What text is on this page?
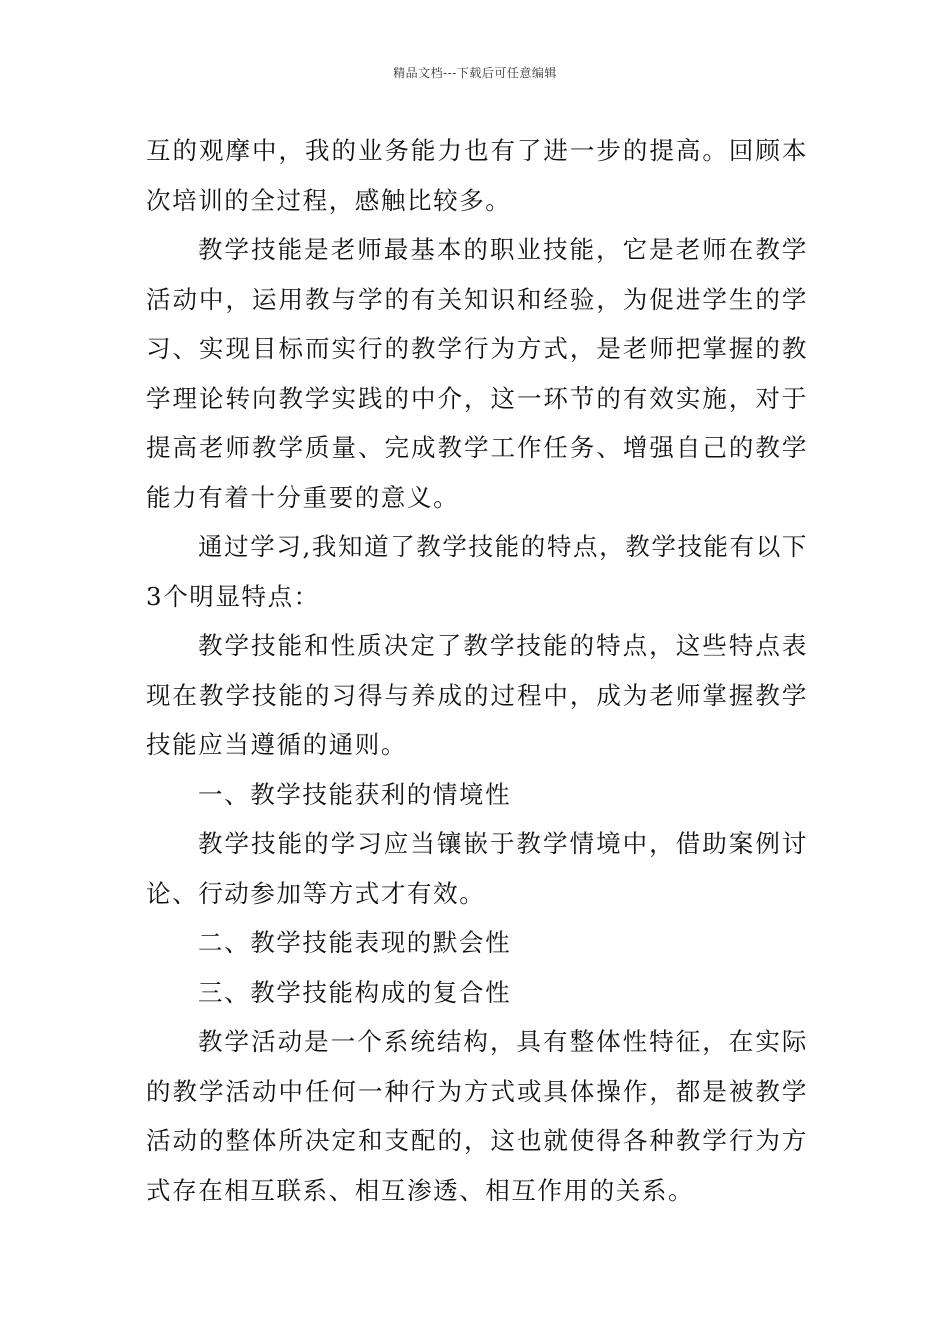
精品文档---下载后可任意编辑

互的观摩中，我的业务能力也有了进一步的提高。回顾本次培训的全过程，感触比较多。

教学技能是老师最基本的职业技能，它是老师在教学活动中，运用教与学的有关知识和经验，为促进学生的学习、实现目标而实行的教学行为方式，是老师把掌握的教学理论转向教学实践的中介，这一环节的有效实施，对于提高老师教学质量、完成教学工作任务、增强自己的教学能力有着十分重要的意义。

通过学习,我知道了教学技能的特点，教学技能有以下3个明显特点：

教学技能和性质决定了教学技能的特点，这些特点表现在教学技能的习得与养成的过程中，成为老师掌握教学技能应当遵循的通则。

一、教学技能获利的情境性

教学技能的学习应当镶嵌于教学情境中，借助案例讨论、行动参加等方式才有效。

二、教学技能表现的默会性

三、教学技能构成的复合性

教学活动是一个系统结构，具有整体性特征，在实际的教学活动中任何一种行为方式或具体操作，都是被教学活动的整体所决定和支配的，这也就使得各种教学行为方式存在相互联系、相互渗透、相互作用的关系。
